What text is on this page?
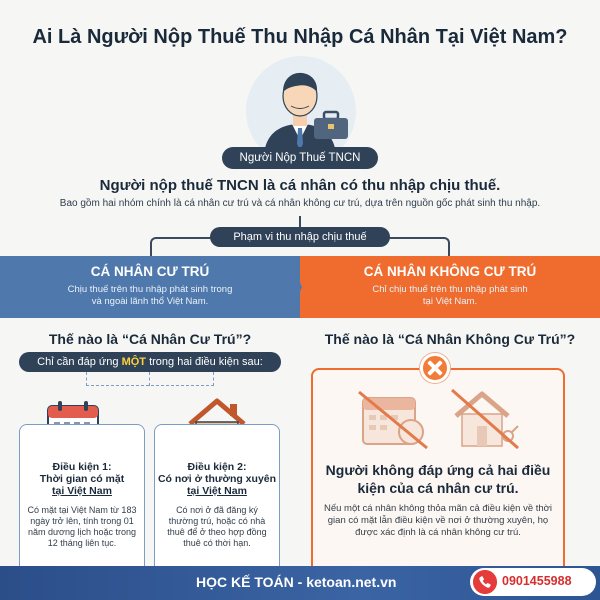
Ai Là Người Nộp Thuế Thu Nhập Cá Nhân Tại Việt Nam?
Người Nộp Thuế TNCN
Người nộp thuế TNCN là cá nhân có thu nhập chịu thuế.
Bao gồm hai nhóm chính là cá nhân cư trú và cá nhân không cư trú, dựa trên nguồn gốc phát sinh thu nhập.
Phạm vi thu nhập chịu thuế
CÁ NHÂN CƯ TRÚ
Chịu thuế trên thu nhập phát sinh trong
và ngoài lãnh thổ Việt Nam.
CÁ NHÂN KHÔNG CƯ TRÚ
Chỉ chịu thuế trên thu nhập phát sinh
tại Việt Nam.
Thế nào là “Cá Nhân Cư Trú”?	Thế nào là “Cá Nhân Không Cư Trú”?
Chỉ cần đáp ứng MỘT trong hai điều kiện sau:
Điều kiện 1:
Thời gian có mặt
tại Việt Nam
Có mặt tại Việt Nam từ 183 ngày trở lên, tính trong 01 năm dương lịch hoặc trong 12 tháng liên tục.
Điều kiện 2:
Có nơi ở thường xuyên
tại Việt Nam
Có nơi ở đã đăng ký thường trú, hoặc có nhà thuê để ở theo hợp đồng thuê có thời hạn.
Người không đáp ứng cả hai điều kiện của cá nhân cư trú.
Nếu một cá nhân không thỏa mãn cả điều kiện về thời gian có mặt lẫn điều kiện về nơi ở thường xuyên, họ được xác định là cá nhân không cư trú.
HỌC KẾ TOÁN - ketoan.net.vn	0901455988
